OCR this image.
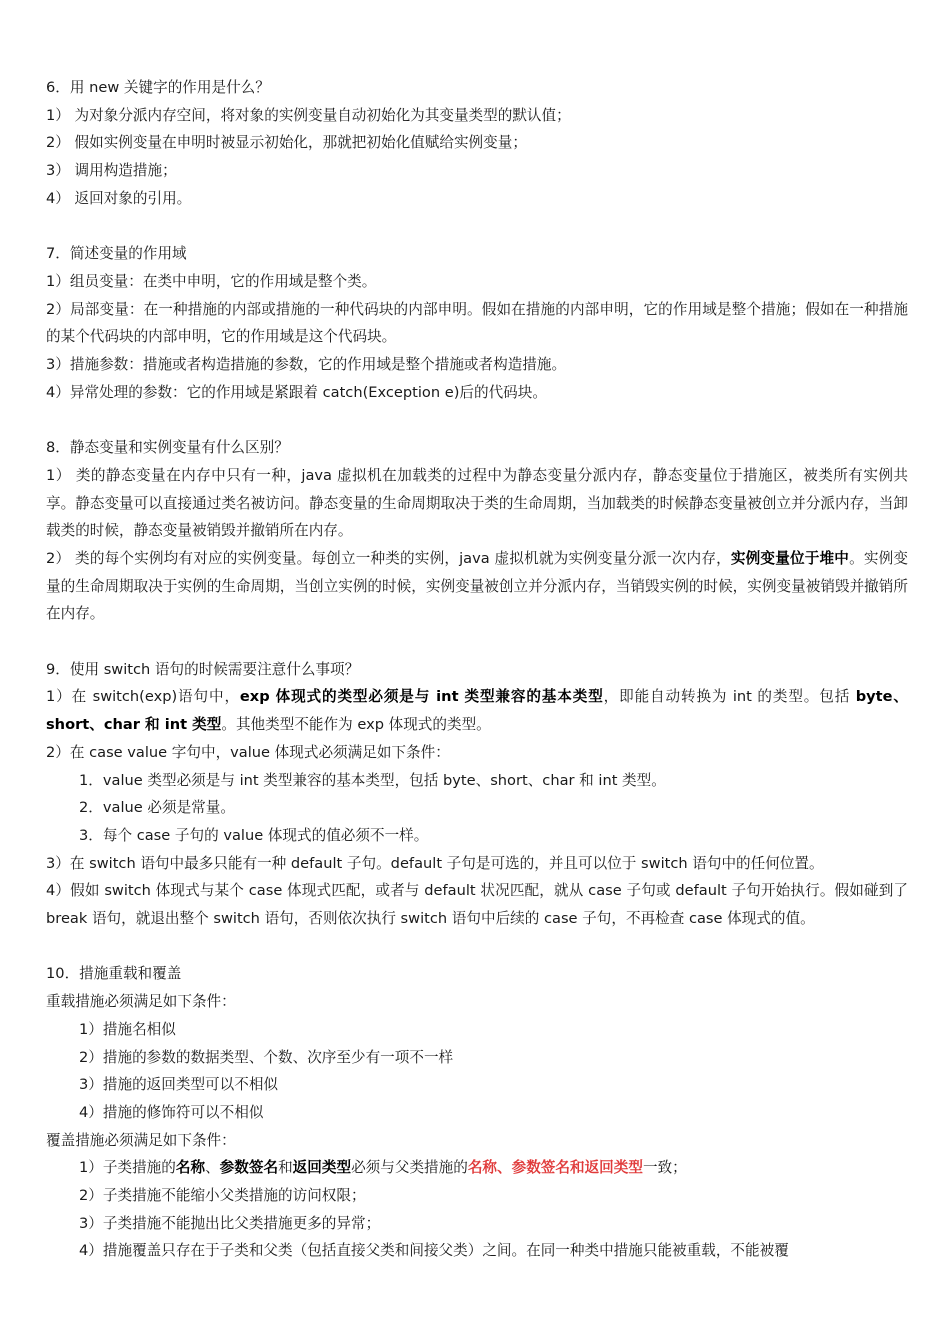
6．用 new 关键字的作用是什么？

1） 为对象分派内存空间，将对象的实例变量自动初始化为其变量类型的默认值；

2） 假如实例变量在申明时被显示初始化，那就把初始化值赋给实例变量；

3） 调用构造措施；

4） 返回对象的引用。

7．简述变量的作用域

1）组员变量：在类中申明，它的作用域是整个类。

2）局部变量：在一种措施的内部或措施的一种代码块的内部申明。假如在措施的内部申明，它的作用域是整个措施；假如在一种措施的某个代码块的内部申明，它的作用域是这个代码块。

3）措施参数：措施或者构造措施的参数，它的作用域是整个措施或者构造措施。

4）异常处理的参数：它的作用域是紧跟着 catch(Exception e)后的代码块。

8．静态变量和实例变量有什么区别？

1） 类的静态变量在内存中只有一种，java 虚拟机在加载类的过程中为静态变量分派内存，静态变量位于措施区，被类所有实例共享。静态变量可以直接通过类名被访问。静态变量的生命周期取决于类的生命周期，当加载类的时候静态变量被创立并分派内存，当卸载类的时候，静态变量被销毁并撤销所在内存。

2） 类的每个实例均有对应的实例变量。每创立一种类的实例，java 虚拟机就为实例变量分派一次内存，实例变量位于堆中。实例变量的生命周期取决于实例的生命周期，当创立实例的时候，实例变量被创立并分派内存，当销毁实例的时候，实例变量被销毁并撤销所在内存。

9．使用 switch 语句的时候需要注意什么事项？

1）在 switch(exp)语句中，exp 体现式的类型必须是与 int 类型兼容的基本类型，即能自动转换为 int 的类型。包括 byte、short、char 和 int 类型。其他类型不能作为 exp 体现式的类型。

2）在 case value 字句中，value 体现式必须满足如下条件：

1．value 类型必须是与 int 类型兼容的基本类型，包括 byte、short、char 和 int 类型。

2．value 必须是常量。

3．每个 case 子句的 value 体现式的值必须不一样。

3）在 switch 语句中最多只能有一种 default 子句。default 子句是可选的，并且可以位于 switch 语句中的任何位置。

4）假如 switch 体现式与某个 case 体现式匹配，或者与 default 状况匹配，就从 case 子句或 default 子句开始执行。假如碰到了 break 语句，就退出整个 switch 语句，否则依次执行 switch 语句中后续的 case 子句，不再检查 case 体现式的值。

10．措施重载和覆盖

重载措施必须满足如下条件：

1）措施名相似

2）措施的参数的数据类型、个数、次序至少有一项不一样

3）措施的返回类型可以不相似

4）措施的修饰符可以不相似

覆盖措施必须满足如下条件：

1）子类措施的名称、参数签名和返回类型必须与父类措施的名称、参数签名和返回类型一致；

2）子类措施不能缩小父类措施的访问权限；

3）子类措施不能抛出比父类措施更多的异常；

4）措施覆盖只存在于子类和父类（包括直接父类和间接父类）之间。在同一种类中措施只能被重载，不能被覆
